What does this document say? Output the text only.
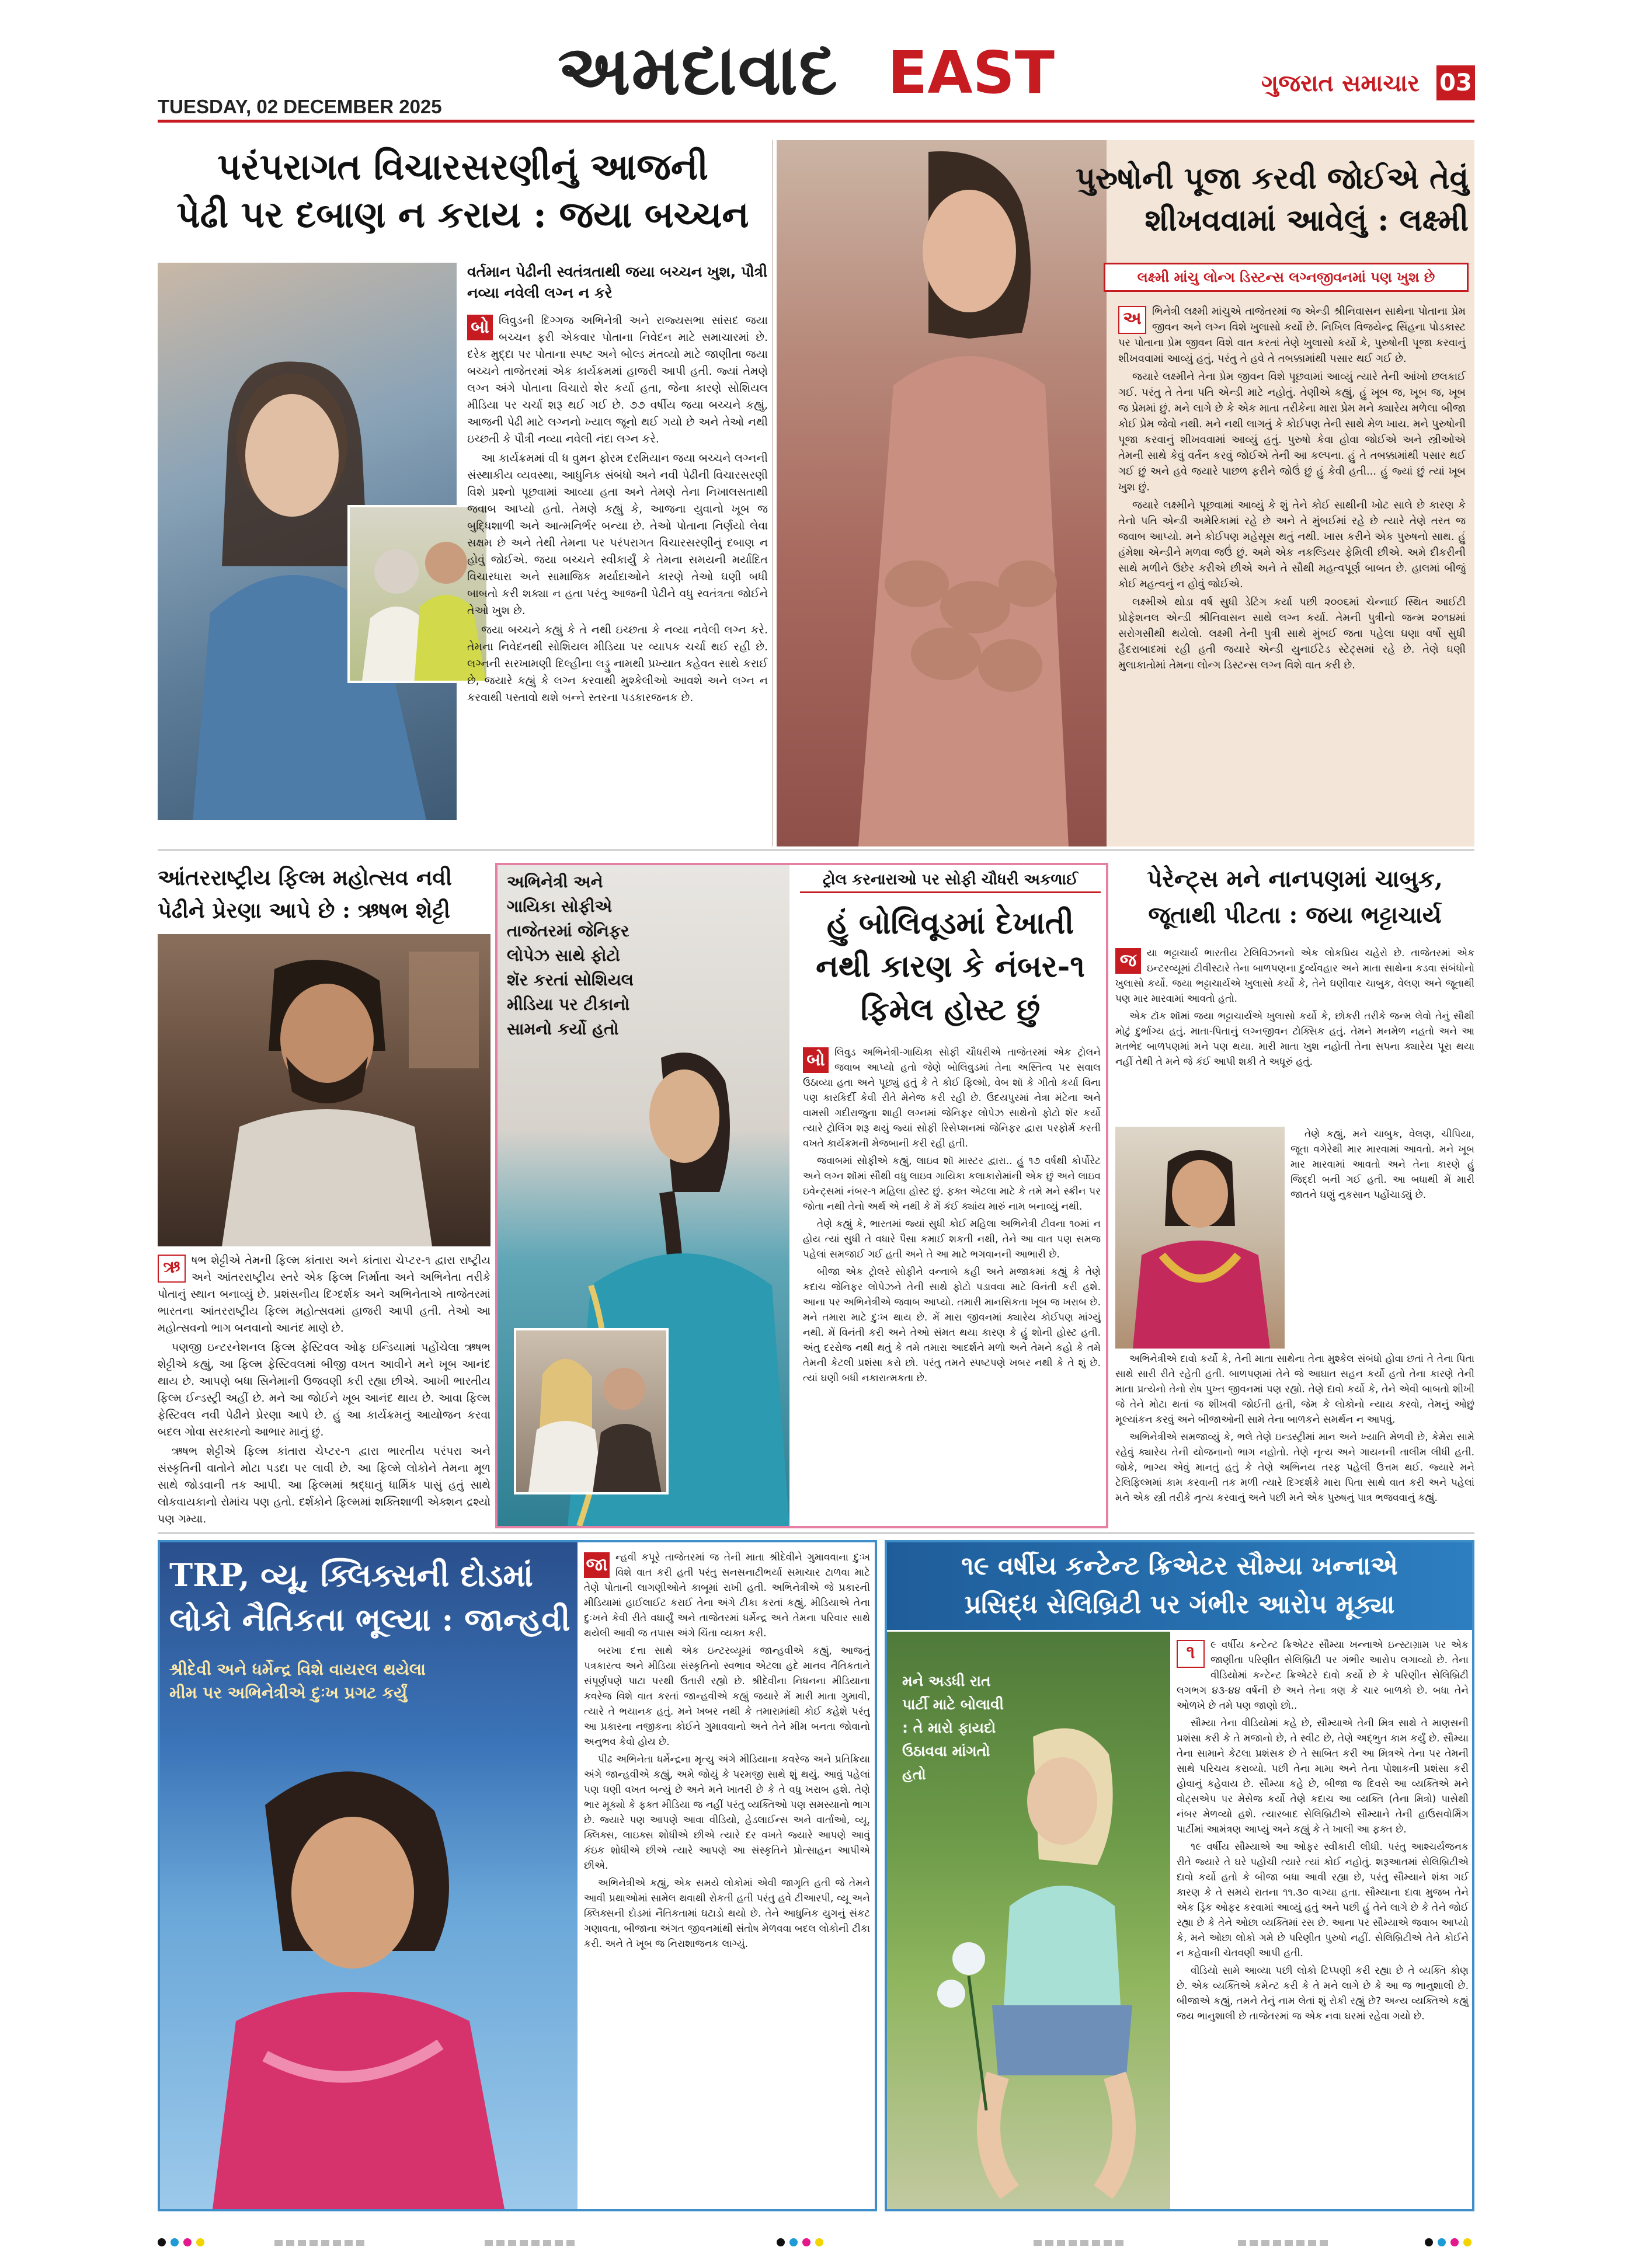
અમદાવાદ EAST
TUESDAY, 02 DECEMBER 2025
ગુજરાત સમાચાર 03
પરંપરાગત વિચારસરણીનું આજની
પેઢી પર દબાણ ન કરાય : જયા બચ્ચન
વર્તમાન પેઢીની સ્વતંત્રતાથી જયા બચ્ચન ખુશ, પૌત્રી નવ્યા નવેલી લગ્ન ન કરે
બો લિવુડની દિગ્ગજ અભિનેત્રી અને રાજ્યસભા સાંસદ જયા બચ્ચન ફરી એકવાર પોતાના નિવેદન માટે સમાચારમાં છે. દરેક મુદ્દા પર પોતાના સ્પષ્ટ અને બોલ્ડ મંતવ્યો માટે જાણીતા જયા બચ્ચને તાજેતરમાં એક કાર્યક્રમમાં હાજરી આપી હતી. જ્યાં તેમણે લગ્ન અંગે પોતાના વિચારો શેર કર્યા હતા, જેના કારણે સોશિયલ મીડિયા પર ચર્ચા શરૂ થઈ ગઈ છે. ૭૭ વર્ષીય જયા બચ્ચને કહ્યું, આજની પેઢી માટે લગ્નનો ખ્યાલ જૂનો થઈ ગયો છે અને તેઓ નથી ઇચ્છતી કે પૌત્રી નવ્યા નવેલી નંદા લગ્ન કરે.

આ કાર્યક્રમમાં વી ધ વુમન ફોરમ દરમિયાન જયા બચ્ચને લગ્નની સંસ્થાકીય વ્યવસ્થા, આધુનિક સંબંધો અને નવી પેઢીની વિચારસરણી વિશે પ્રશ્નો પૂછવામાં આવ્યા હતા અને તેમણે તેના નિખાલસતાથી જવાબ આપ્યો હતો. તેમણે કહ્યું કે, આજના યુવાનો ખૂબ જ બુદ્ધિશાળી અને આત્મનિર્ભર બન્યા છે. તેઓ પોતાના નિર્ણયો લેવા સક્ષમ છે અને તેથી તેમના પર પરંપરાગત વિચારસરણીનું દબાણ ન હોવું જોઈએ. જયા બચ્ચને સ્વીકાર્યું કે તેમના સમયની મર્યાદિત વિચારધારા અને સામાજિક મર્યાદાઓને કારણે તેઓ ઘણી બધી બાબતો કરી શક્યા ન હતા પરંતુ આજની પેઢીને વધુ સ્વતંત્રતા જોઈને તેઓ ખુશ છે.

જયા બચ્ચને કહ્યું કે તે નથી ઇચ્છતા કે નવ્યા નવેલી લગ્ન કરે. તેમના નિવેદનથી સોશિયલ મીડિયા પર વ્યાપક ચર્ચા થઈ રહી છે. લગ્નની સરખામણી દિલ્હીના લડ્ડુ નામથી પ્રખ્યાત કહેવત સાથે કરાઈ છે, જયારે કહ્યું કે લગ્ન કરવાથી મુશ્કેલીઓ આવશે અને લગ્ન ન કરવાથી પસ્તાવો થશે બન્ને સ્તરના પડકારજનક છે.

પુરુષોની પૂજા કરવી જોઈએ તેવું
શીખવવામાં આવેલું : લક્ષ્મી
લક્ષ્મી માંચુ લોન્ગ ડિસ્ટન્સ લગ્નજીવનમાં પણ ખુશ છે
અ	ભિનેત્રી લક્ષ્મી માંચુએ તાજેતરમાં જ એન્ડી શ્રીનિવાસન સાથેના પોતાના પ્રેમ જીવન અને લગ્ન વિશે ખુલાસો કર્યો છે. નિખિલ વિજયેન્દ્ર સિંહના પોડકાસ્ટ પર પોતાના પ્રેમ જીવન વિશે વાત કરતાં તેણે ખુલાસો કર્યો કે, પુરુષોની પૂજા કરવાનું શીખવવામાં આવ્યું હતું, પરંતુ તે હવે તે તબક્કામાંથી પસાર થઈ ગઈ છે.

જયારે લક્ષ્મીને તેના પ્રેમ જીવન વિશે પૂછવામાં આવ્યું ત્યારે તેની આંખો છલકાઈ ગઈ. પરંતુ તે તેના પતિ એન્ડી માટે નહોતું. તેણીએ કહ્યું, હું ખૂબ જ, ખૂબ જ, ખૂબ જ પ્રેમમાં છું. મને લાગે છે કે એક માતા તરીકેના મારા પ્રેમ મને ક્યારેય મળેલા બીજા કોઈ પ્રેમ જેવો નથી. મને નથી લાગતું કે કોઈપણ તેની સાથે મેળ ખાય. મને પુરુષોની પૂજા કરવાનું શીખવવામાં આવ્યું હતું. પુરુષો કેવા હોવા જોઈએ અને સ્ત્રીઓએ તેમની સાથે કેવું વર્તન કરવું જોઈએ તેની આ કલ્પના. હું તે તબક્કામાંથી પસાર થઈ ગઈ છું અને હવે જયારે પાછળ ફરીને જોઉં છું હું કેવી હતી... હું જ્યાં છું ત્યાં ખૂબ ખુશ છું.

જયારે લક્ષ્મીને પૂછવામાં આવ્યું કે શું તેને કોઈ સાથીની ખોટ સાલે છે કારણ કે તેનો પતિ એન્ડી અમેરિકામાં રહે છે અને તે મુંબઈમાં રહે છે ત્યારે તેણે તરત જ જવાબ આપ્યો. મને કોઈપણ મહેસૂસ થતું નથી. ખાસ કરીને એક પુરુષનો સાથ. હું હંમેશા એન્ડીને મળવા જઉં છું. અમે એક નકલ્ડિયર ફેમિલી છીએ. અમે દીકરીની સાથે મળીને ઉછેર કરીએ છીએ અને તે સૌથી મહત્વપૂર્ણ બાબત છે. હાલમાં બીજું કોઈ મહત્વનું ન હોવું જોઈએ.

લક્ષ્મીએ થોડા વર્ષ સુધી ડેટિંગ કર્યા પછી ૨૦૦૬માં ચેન્નાઈ સ્થિત આઈટી પ્રોફેશનલ એન્ડી શ્રીનિવાસન સાથે લગ્ન કર્યા. તેમની પુત્રીનો જન્મ ૨૦૧૪માં સરોગસીથી થયેલો. લક્ષ્મી તેની પુત્રી સાથે મુંબઈ જતા પહેલા ઘણા વર્ષો સુધી હૈદરાબાદમાં રહી હતી જયારે એન્ડી યુનાઈટેડ સ્ટેટ્સમાં રહે છે. તેણે ઘણી મુલાકાતોમાં તેમના લોન્ગ ડિસ્ટન્સ લગ્ન વિશે વાત કરી છે.

આંતરરાષ્ટ્રીય ફિલ્મ મહોત્સવ નવી
પેઢીને પ્રેરણા આપે છે : ઋષભ શેટ્ટી
ઋ	ષભ શેટ્ટીએ તેમની ફિલ્મ કાંતારા અને કાંતારા ચેપ્ટર-૧ દ્વારા રાષ્ટ્રીય અને આંતરરાષ્ટ્રીય સ્તરે એક ફિલ્મ નિર્માતા અને અભિનેતા તરીકે પોતાનું સ્થાન બનાવ્યું છે. પ્રશંસનીય દિગ્દર્શક અને અભિનેતાએ તાજેતરમાં ભારતના આંતરરાષ્ટ્રીય ફિલ્મ મહોત્સવમાં હાજરી આપી હતી. તેઓ આ મહોત્સવનો ભાગ બનવાનો આનંદ માણે છે.

પણજી ઇન્ટરનેશનલ ફિલ્મ ફેસ્ટિવલ ઓફ ઇન્ડિયામાં પહોંચેલા ઋષભ શેટ્ટીએ કહ્યું, આ ફિલ્મ ફેસ્ટિવલમાં બીજી વખત આવીને મને ખૂબ આનંદ થાય છે. આપણે બધા સિનેમાની ઉજવણી કરી રહ્યા છીએ. આખી ભારતીય ફિલ્મ ઈન્ડસ્ટ્રી અહીં છે. મને આ જોઈને ખૂબ આનંદ થાય છે. આવા ફિલ્મ ફેસ્ટિવલ નવી પેઢીને પ્રેરણા આપે છે. હું આ કાર્યક્રમનું આયોજન કરવા બદલ ગોવા સરકારનો આભાર માનું છું.

ઋષભ શેટ્ટીએ ફિલ્મ કાંતારા ચેપ્ટર-૧ દ્વારા ભારતીય પરંપરા અને સંસ્કૃતિની વાતોને મોટા પડદા પર લાવી છે. આ ફિલ્મે લોકોને તેમના મૂળ સાથે જોડવાની તક આપી. આ ફિલ્મમાં શ્રદ્ધાનું ધાર્મિક પાસું હતું સાથે લોકવાયકાનો રોમાંચ પણ હતો. દર્શકોને ફિલ્મમાં શક્તિશાળી એક્શન દ્રશ્યો પણ ગમ્યા.

અભિનેત્રી અને ગાયિકા સોફીએ તાજેતરમાં જેનિફર લોપેઝ સાથે ફોટો શૅર કરતાં સોશિયલ મીડિયા પર ટીકાનો સામનો કર્યો હતો
ટ્રોલ કરનારાઓ પર સોફી ચૌધરી અકળાઈ
હું બોલિવૂડમાં દેખાતી
નથી કારણ કે નંબર-૧
ફિમેલ હોસ્ટ છું
બો લિવુડ અભિનેત્રી-ગાયિકા સોફી ચૌધરીએ તાજેતરમાં એક ટ્રોલને જવાબ આપ્યો હતો જેણે બોલિવુડમાં તેના અસ્તિત્વ પર સવાલ ઉઠાવ્યા હતા અને પૂછ્યું હતું કે તે કોઈ ફિલ્મો, વેબ શૉ કે ગીતો કર્યા વિના પણ કારકિર્દી કેવી રીતે મેનેજ કરી રહી છે. ઉદયપુરમાં નેત્રા મંટેના અને વામસી ગદીરાજુના શાહી લગ્નમાં જેનિફર લોપેઝ સાથેનો ફોટો શૅર કર્યો ત્યારે ટ્રોલિંગ શરૂ થયું જ્યાં સોફી રિસેપ્શનમાં જેનિફર દ્વારા પરફોર્મ કરતી વખતે કાર્યક્રમની મેજબાની કરી રહી હતી.

જવાબમાં સોફીએ કહ્યું, લાઇવ શૉ માસ્ટર દ્વારા.. હું ૧૭ વર્ષથી કોર્પોરેટ અને લગ્ન શૉમાં સૌથી વધુ લાઇવ ગાયિકા કલાકારોમાંની એક છું અને લાઇવ ઇવેન્ટ્સમાં નંબર-૧ મહિલા હોસ્ટ છું. ફક્ત એટલા માટે કે તમે મને સ્ક્રીન પર જોતા નથી તેનો અર્થ એ નથી કે મેં કંઈ ક્યાંય મારું નામ બનાવ્યું નથી.

તેણે કહ્યું કે, ભારતમાં જ્યાં સુધી કોઈ મહિલા અભિનેત્રી ટીવના ૧૦માં ન હોય ત્યાં સુધી તે વધારે પૈસા કમાઈ શકતી નથી, તેને આ વાત પણ સમજ પહેલાં સમજાઈ ગઈ હતી અને તે આ માટે ભગવાનની આભારી છે.

બીજા એક ટ્રોલરે સોફીને વન્નાબે કહી અને મજાકમાં કહ્યું કે તેણે કદાચ જેનિફર લોપેઝને તેની સાથે ફોટો પડાવવા માટે વિનંતી કરી હશે. આના પર અભિનેત્રીએ જવાબ આપ્યો. તમારી માનસિકતા ખૂબ જ ખરાબ છે. મને તમારા માટે દુઃખ થાય છે. મેં મારા જીવનમાં ક્યારેય કોઈપણ માંગ્યું નથી. મેં વિનંતી કરી અને તેઓ સંમત થયા કારણ કે હું શોની હોસ્ટ હતી. અંતુ દરરોજ નથી થતું કે તમે તમારા આદર્શને મળો અને તેમને કહો કે તમે તેમની કેટલી પ્રશંસા કરો છો. પરંતુ તમને સ્પષ્ટપણે ખબર નથી કે તે શું છે. ત્યાં ઘણી બધી નકારાત્મકતા છે.

પેરેન્ટ્સ મને નાનપણમાં ચાબુક,
જૂતાથી પીટતા : જયા ભટ્ટાચાર્ય
જ	યા ભટ્ટાચાર્ય ભારતીય ટેલિવિઝનનો એક લોકપ્રિય ચહેરો છે. તાજેતરમાં એક ઇન્ટરવ્યૂમાં ટીવીસ્ટારે તેના બાળપણના દુર્વ્યવહાર અને માતા સાથેના કડવા સંબંધોનો ખુલાસો કર્યો. જયા ભટ્ટાચાર્યએ ખુલાસો કર્યો કે, તેને ઘણીવાર ચાબુક, વેલણ અને જૂતાથી પણ માર મારવામાં આવતો હતો.

એક ટૉક શૉમાં જયા ભટ્ટાચાર્યએ ખુલાસો કર્યો કે, છોકરી તરીકે જન્મ લેવો તેનું સૌથી મોટું દુર્ભાગ્ય હતું. માતા-પિતાનું લગ્નજીવન ટોક્સિક હતું. તેમને મનમેળ નહતો અને આ મતભેદ બાળપણમાં મને પણ થયા. મારી માતા ખુશ નહોતી તેના સપના ક્યારેય પૂરા થયા નહીં તેથી તે મને જે કંઈ આપી શકી તે અધૂરું હતું.

તેણે કહ્યું, મને ચાબુક, વેલણ, ચીપિયા, જૂતા વગેરેથી માર મારવામાં આવતો. મને ખૂબ માર મારવામાં આવતો અને તેના કારણે હું જિદ્દી બની ગઈ હતી. આ બધાથી મેં મારી જાતને ઘણું નુકસાન પહોંચાડ્યું છે.

અભિનેત્રીએ દાવો કર્યો કે, તેની માતા સાથેના તેના મુશ્કેલ સંબંધો હોવા છતાં તે તેના પિતા સાથે સારી રીતે રહેતી હતી. બાળપણમાં તેને જે આઘાત સહન કર્યો હતો તેના કારણે તેની માતા પ્રત્યેનો તેનો રોષ પુખ્ત જીવનમાં પણ રહ્યો. તેણે દાવો કર્યો કે, તેને એવી બાબતો શીખી જે તેને મોટા થતાં જ શીખવી જોઈતી હતી, જેમ કે લોકોનો ન્યાય કરવો, તેમનું ઓછું મૂલ્યાંકન કરવું અને બીજાઓની સામે તેના બાળકને સમર્થન ન આપવું.

અભિનેત્રીએ સમજાવ્યું કે, ભલે તેણે ઇન્ડસ્ટ્રીમાં માન અને ખ્યાતિ મેળવી છે, કેમેરા સામે રહેવું ક્યારેય તેની યોજનાનો ભાગ નહોતો. તેણે નૃત્ય અને ગાયનની તાલીમ લીધી હતી. જોકે, ભાગ્ય એવું માનતું હતું કે તેણે અભિનય તરફ પહેલી ઉત્તમ થઈ. જ્યારે મને ટેલિફિલ્મમાં કામ કરવાની તક મળી ત્યારે દિગ્દર્શકે મારા પિતા સાથે વાત કરી અને પહેલાં મને એક સ્ત્રી તરીકે નૃત્ય કરવાનું અને પછી મને એક પુરુષનું પાત્ર ભજવવાનું કહ્યું.

TRP, વ્યૂ, ક્લિક્સની દોડમાં
લોકો નૈતિકતા ભૂલ્યા : જાન્હવી
શ્રીદેવી અને ધર્મેન્દ્ર વિશે વાયરલ થયેલા
મીમ પર અભિનેત્રીએ દુઃખ પ્રગટ કર્યું
જા ન્હવી કપૂરે તાજેતરમાં જ તેની માતા શ્રીદેવીને ગુમાવવાના દુઃખ વિશે વાત કરી હતી પરંતુ સનસનાટીભર્યા સમાચાર ટાળવા માટે તેણે પોતાની લાગણીઓને કાબૂમાં રાખી હતી. અભિનેત્રીએ જે પ્રકારની મીડિયામાં હાઈલાઈટ કરાઈ તેના અંગે ટીકા કરતાં કહ્યું, મીડિયાએ તેના દુઃખને કેવી રીતે વધાર્યું અને તાજેતરમાં ધર્મેન્દ્ર અને તેમના પરિવાર સાથે થયેલી આવી જ તપાસ અંગે ચિંતા વ્યક્ત કરી.

બરખા દત્તા સાથે એક ઇન્ટરવ્યૂમાં જાન્હવીએ કહ્યું, આજનું પત્રકારત્વ અને મીડિયા સંસ્કૃતિનો સ્વભાવ એટલા હદે માનવ નૈતિકતાને સંપૂર્ણપણે પાટા પરથી ઉતારી રહ્યો છે. શ્રીદેવીના નિધનના મીડિયાના કવરેજ વિશે વાત કરતાં જાન્હવીએ કહ્યું જયારે મેં મારી માતા ગુમાવી, ત્યારે તે ભયાનક હતું. મને ખબર નથી કે તમારામાંથી કોઈ કહેશે પરંતુ આ પ્રકારના નજીકના કોઈને ગુમાવવાનો અને તેને મીમ બનતા જોવાનો અનુભવ કેવો હોય છે.

પીઢ અભિનેતા ધર્મેન્દ્રના મૃત્યુ અંગે મીડિયાના કવરેજ અને પ્રતિક્રિયા અંગે જાન્હવીએ કહ્યું, અમે જોયું કે પરમજી સાથે શું થયું. આવું પહેલાં પણ ઘણી વખત બન્યું છે અને મને ખાતરી છે કે તે વધુ ખરાબ હશે. તેણે ભાર મૂક્યો કે ફક્ત મીડિયા જ નહીં પરંતુ વ્યક્તિઓ પણ સમસ્યાનો ભાગ છે. જ્યારે પણ આપણે આવા વીડિયો, હેડલાઈન્સ અને વાર્તાઓ, વ્યૂ, ક્લિક્સ, લાઇક્સ શોધીએ છીએ ત્યારે દર વખતે જ્યારે આપણે આવું કંઇક શોધીએ છીએ ત્યારે આપણે આ સંસ્કૃતિને પ્રોત્સાહન આપીએ છીએ.

અભિનેત્રીએ કહ્યું, એક સમયે લોકોમાં એવી જાગૃતિ હતી જે તેમને આવી પ્રથાઓમાં સામેલ થવાથી રોકતી હતી પરંતુ હવે ટીઆરપી, વ્યૂ અને ક્લિક્સની દોડમાં નૈતિકતામાં ઘટાડો થયો છે. તેને આધુનિક યુગનું સંકટ ગણાવતા, બીજાના અંગત જીવનમાંથી સંતોષ મેળવવા બદલ લોકોની ટીકા કરી. અને તે ખૂબ જ નિરાશાજનક લાગ્યું.

૧૯ વર્ષીય કન્ટેન્ટ ક્રિએટર સૌમ્યા ખન્નાએ
પ્રસિદ્ધ સેલિબ્રિટી પર ગંભીર આરોપ મૂક્યા
મને અડધી રાત પાર્ટી માટે બોલાવી : તે મારો ફાયદો ઉઠાવવા માંગતો હતો
૧	૯ વર્ષીય કન્ટેન્ટ ક્રિએટર સૌમ્યા ખન્નાએ ઇન્સ્ટાગ્રામ પર એક જાણીતા પરિણીત સેલિબ્રિટી પર ગંભીર આરોપ લગાવ્યો છે. તેના વીડિયોમાં કન્ટેન્ટ ક્રિએટરે દાવો કર્યો છે કે પરિણીત સેલિબ્રિટી લગભગ ૪૩-૪૪ વર્ષની છે અને તેના ત્રણ કે ચાર બાળકો છે. બધા તેને ઓળખે છે તમે પણ જાણો છો..

સૌમ્યા તેના વીડિયોમાં કહે છે, સૌમ્યાએ તેની મિત્ર સાથે તે માણસની પ્રશંસા કરી કે તે મજાનો છે, તે સ્વીટ છે, તેણે અદ્ભુત કામ કર્યું છે. સૌમ્યા તેના સામાને કેટલા પ્રશંસક છે તે સાબિત કરી આ મિત્રએ તેના પર તેમની સાથે પરિચય કરાવ્યો. પછી તેના મામા અને તેના પોશાકની પ્રશંસા કરી હોવાનું કહેવાય છે. સૌમ્યા કહે છે, બીજા જ દિવસે આ વ્યક્તિએ મને વોટ્સએપ પર મેસેજ કર્યો તેણે કદાચ આ વ્યક્તિ (તેના મિત્રો) પાસેથી નંબર મેળવ્યો હશે. ત્યારબાદ સેલિબ્રિટીએ સૌમ્યાને તેની હાઉસવોર્મિંગ પાર્ટીમાં આમંત્રણ આપ્યું અને કહ્યું કે તે ખાલી આ ફક્ત છે.

૧૯ વર્ષીય સૌમ્યાએ આ ઓફર સ્વીકારી લીધી. પરંતુ આશ્ચર્યજનક રીતે જ્યારે તે ઘરે પહોંચી ત્યારે ત્યાં કોઈ નહોતું. શરૂઆતમાં સેલિબ્રિટીએ દાવો કર્યો હતો કે બીજા બધા આવી રહ્યા છે, પરંતુ સૌમ્યાને શંકા ગઈ કારણ કે તે સમયે રાતના ૧૧.૩૦ વાગ્યા હતા. સૌમ્યાના દાવા મુજબ તેને એક ડ્રિંક ઓફર કરવામાં આવ્યું હતું અને પછી હું તેને લાગે છે કે તેને જોઈ રહ્યા છે કે તેને ઓછા વ્યક્તિમાં રસ છે. આના પર સૌમ્યાએ જવાબ આપ્યો કે, મને ઓછા લોકો ગમે છે પરિણીત પુરુષો નહીં. સેલિબ્રિટીએ તેને કોઈને ન કહેવાની ચેતવણી આપી હતી.

વીડિયો સામે આવ્યા પછી લોકો ટિપ્પણી કરી રહ્યા છે તે વ્યક્તિ કોણ છે. એક વ્યક્તિએ કમેન્ટ કરી કે તે મને લાગે છે કે આ જ ભાનુશાલી છે. બીજાએ કહ્યું, તમને તેનું નામ લેતાં શું રોકી રહ્યું છે? અન્ય વ્યક્તિએ કહ્યું જય ભાનુશાલી છે તાજેતરમાં જ એક નવા ઘરમાં રહેવા ગયો છે.
